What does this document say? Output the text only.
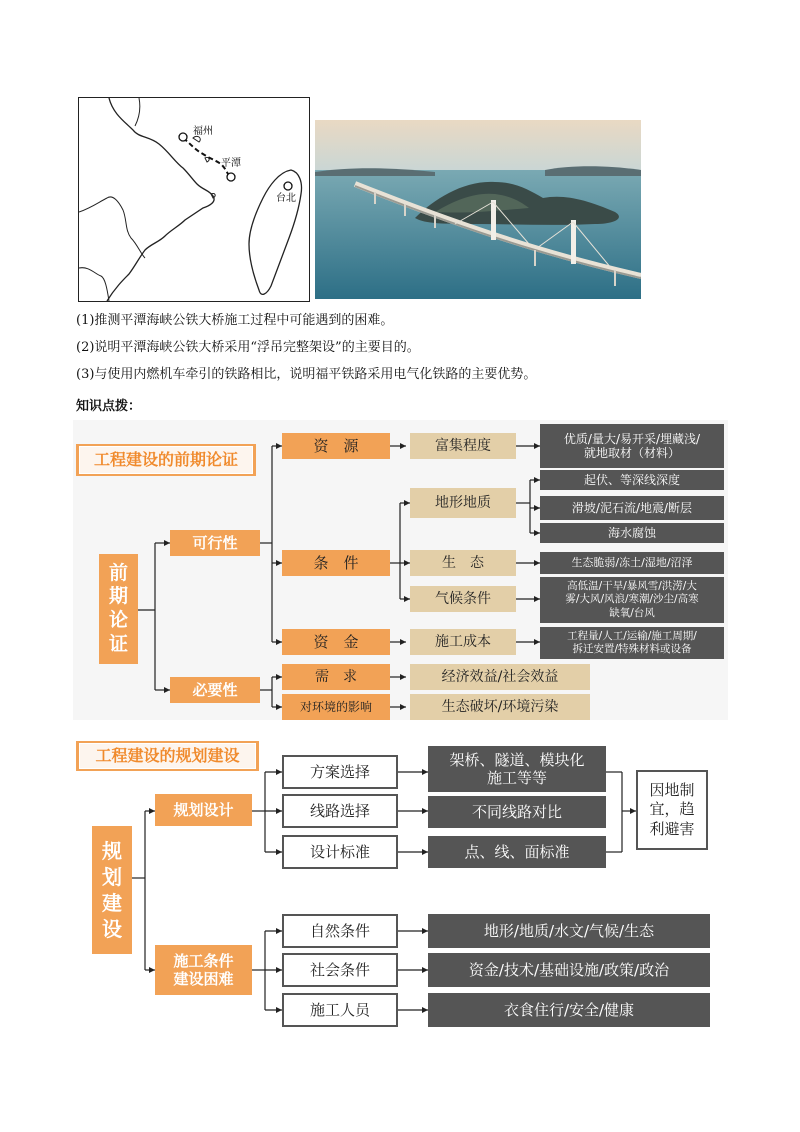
福州
平潭
台北
(1)推测平潭海峡公铁大桥施工过程中可能遇到的困难。
(2)说明平潭海峡公铁大桥采用“浮吊完整架设”的主要目的。
(3)与使用内燃机车牵引的铁路相比，说明福平铁路采用电气化铁路的主要优势。
知识点拨：
工程建设的前期论证
前
期
论
证
可行性
必要性
资　源
条　件
资　金
需　求
对环境的影响
富集程度
地形地质
生　态
气候条件
施工成本
经济效益/社会效益
生态破坏/环境污染
优质/量大/易开采/埋藏浅/
就地取材（材料）
起伏、等深线深度
滑坡/泥石流/地震/断层
海水腐蚀
生态脆弱/冻土/湿地/沼泽
高低温/干旱/暴风雪/洪涝/大
雾/大风/风浪/寒潮/沙尘/高寒
缺氧/台风
工程量/人工/运输/施工周期/
拆迁安置/特殊材料或设备
工程建设的规划建设
规
划
建
设
规划设计
施工条件
建设困难
方案选择
线路选择
设计标准
自然条件
社会条件
施工人员
架桥、隧道、模块化
施工等等
不同线路对比
点、线、面标准
因地制
宜，趋
利避害
地形/地质/水文/气候/生态
资金/技术/基础设施/政策/政治
衣食住行/安全/健康
